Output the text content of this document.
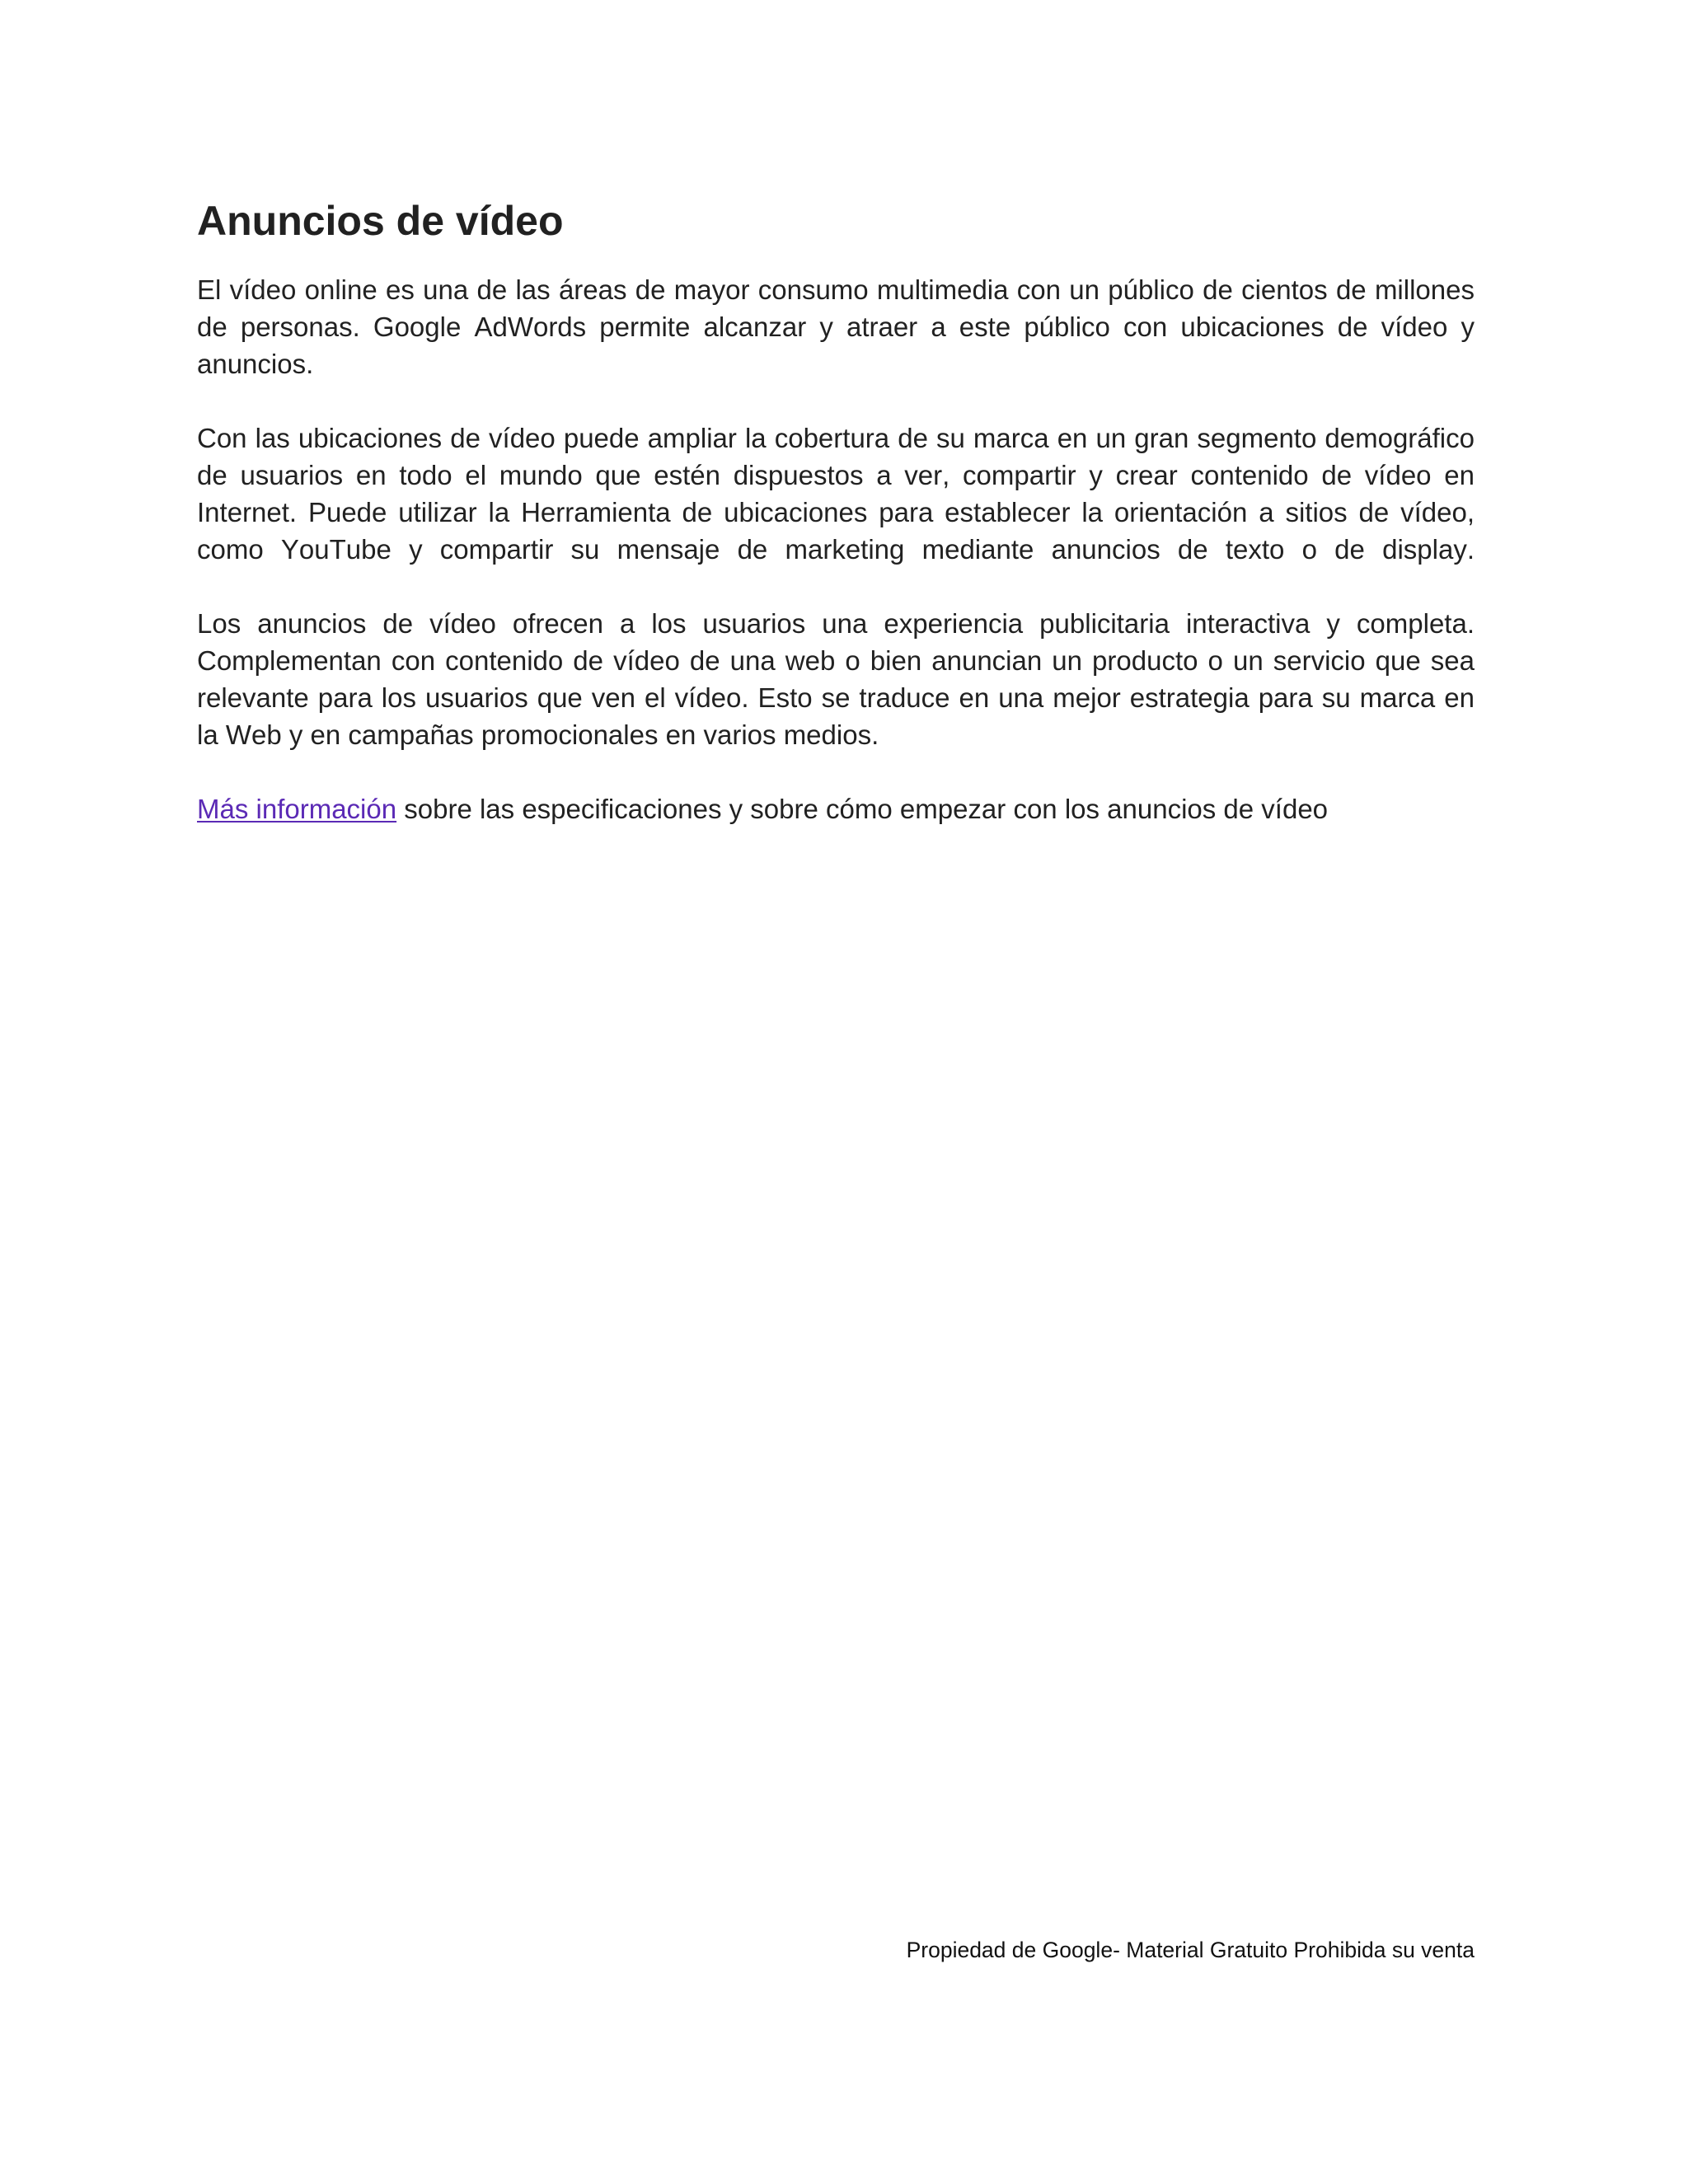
Anuncios de vídeo

El vídeo online es una de las áreas de mayor consumo multimedia con un público de cientos de millones
de personas. Google AdWords permite alcanzar y atraer a este público con ubicaciones de vídeo y
anuncios.

Con las ubicaciones de vídeo puede ampliar la cobertura de su marca en un gran segmento demográfico
de usuarios en todo el mundo que estén dispuestos a ver, compartir y crear contenido de vídeo en
Internet. Puede utilizar la Herramienta de ubicaciones para establecer la orientación a sitios de vídeo,
como YouTube y compartir su mensaje de marketing mediante anuncios de texto o de display.

Los anuncios de vídeo ofrecen a los usuarios una experiencia publicitaria interactiva y completa.
Complementan con contenido de vídeo de una web o bien anuncian un producto o un servicio que sea
relevante para los usuarios que ven el vídeo. Esto se traduce en una mejor estrategia para su marca en
la Web y en campañas promocionales en varios medios.

Más información sobre las especificaciones y sobre cómo empezar con los anuncios de vídeo

Propiedad de Google- Material Gratuito Prohibida su venta
